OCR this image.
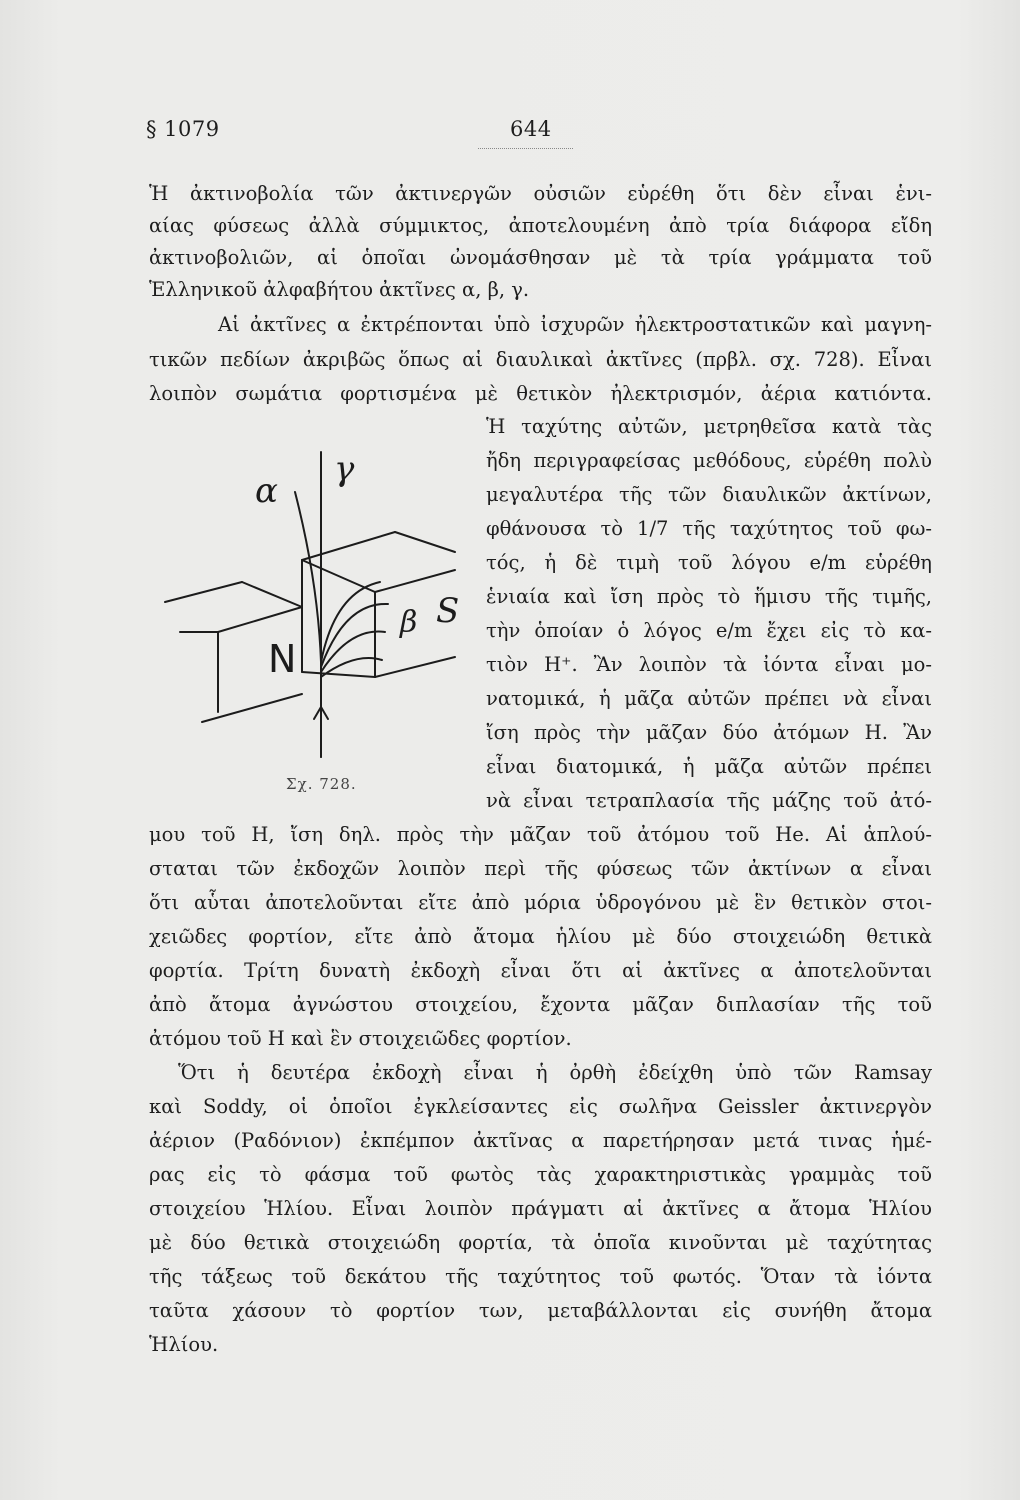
§ 1079	644
Ἡ ἀκτινοβολία τῶν ἀκτινεργῶν οὐσιῶν εὑρέθη ὅτι δὲν εἶναι ἑνι-
αίας φύσεως ἀλλὰ σύμμικτος, ἀποτελουμένη ἀπὸ τρία διάφορα εἴδη
ἀκτινοβολιῶν, αἱ ὁποῖαι ὠνομάσθησαν μὲ τὰ τρία γράμματα τοῦ
Ἑλληνικοῦ ἀλφαβήτου ἀκτῖνες α, β, γ.
Αἱ ἀκτῖνες α ἐκτρέπονται ὑπὸ ἰσχυρῶν ἠλεκτροστατικῶν καὶ μαγνη-
τικῶν πεδίων ἀκριβῶς ὅπως αἱ διαυλικαὶ ἀκτῖνες (πρβλ. σχ. 728). Εἶναι
λοιπὸν σωμάτια φορτισμένα μὲ θετικὸν ἠλεκτρισμόν, ἀέρια κατιόντα.
Ἡ ταχύτης αὐτῶν, μετρηθεῖσα κατὰ τὰς
ἤδη περιγραφείσας μεθόδους, εὑρέθη πολὺ
μεγαλυτέρα τῆς τῶν διαυλικῶν ἀκτίνων,
φθάνουσα τὸ 1/7 τῆς ταχύτητος τοῦ φω-
τός, ἡ δὲ τιμὴ τοῦ λόγου e/m εὑρέθη
ἑνιαία καὶ ἴση πρὸς τὸ ἥμισυ τῆς τιμῆς,
τὴν ὁποίαν ὁ λόγος e/m ἔχει εἰς τὸ κα-
τιὸν Η⁺. Ἂν λοιπὸν τὰ ἰόντα εἶναι μο-
νατομικά, ἡ μᾶζα αὐτῶν πρέπει νὰ εἶναι
ἴση πρὸς τὴν μᾶζαν δύο ἀτόμων Η. Ἂν
εἶναι διατομικά, ἡ μᾶζα αὐτῶν πρέπει
νὰ εἶναι τετραπλασία τῆς μάζης τοῦ ἀτό-
μου τοῦ Η, ἴση δηλ. πρὸς τὴν μᾶζαν τοῦ ἀτόμου τοῦ He. Αἱ ἁπλού-
σταται τῶν ἐκδοχῶν λοιπὸν περὶ τῆς φύσεως τῶν ἀκτίνων α εἶναι
ὅτι αὗται ἀποτελοῦνται εἴτε ἀπὸ μόρια ὑδρογόνου μὲ ἓν θετικὸν στοι-
χειῶδες φορτίον, εἴτε ἀπὸ ἄτομα ἡλίου μὲ δύο στοιχειώδη θετικὰ
φορτία. Τρίτη δυνατὴ ἐκδοχὴ εἶναι ὅτι αἱ ἀκτῖνες α ἀποτελοῦνται
ἀπὸ ἄτομα ἀγνώστου στοιχείου, ἔχοντα μᾶζαν διπλασίαν τῆς τοῦ
ἀτόμου τοῦ Η καὶ ἓν στοιχειῶδες φορτίον.
Ὅτι ἡ δευτέρα ἐκδοχὴ εἶναι ἡ ὀρθὴ ἐδείχθη ὑπὸ τῶν Ramsay
καὶ Soddy, οἱ ὁποῖοι ἐγκλείσαντες εἰς σωλῆνα Geissler ἀκτινεργὸν
ἀέριον (Ραδόνιον) ἐκπέμπον ἀκτῖνας α παρετήρησαν μετά τινας ἡμέ-
ρας εἰς τὸ φάσμα τοῦ φωτὸς τὰς χαρακτηριστικὰς γραμμὰς τοῦ
στοιχείου Ἡλίου. Εἶναι λοιπὸν πράγματι αἱ ἀκτῖνες α ἄτομα Ἡλίου
μὲ δύο θετικὰ στοιχειώδη φορτία, τὰ ὁποῖα κινοῦνται μὲ ταχύτητας
τῆς τάξεως τοῦ δεκάτου τῆς ταχύτητος τοῦ φωτός. Ὅταν τὰ ἰόντα
ταῦτα χάσουν τὸ φορτίον των, μεταβάλλονται εἰς συνήθη ἄτομα
Ἡλίου.
α
γ
β S
N
Σχ. 728.
